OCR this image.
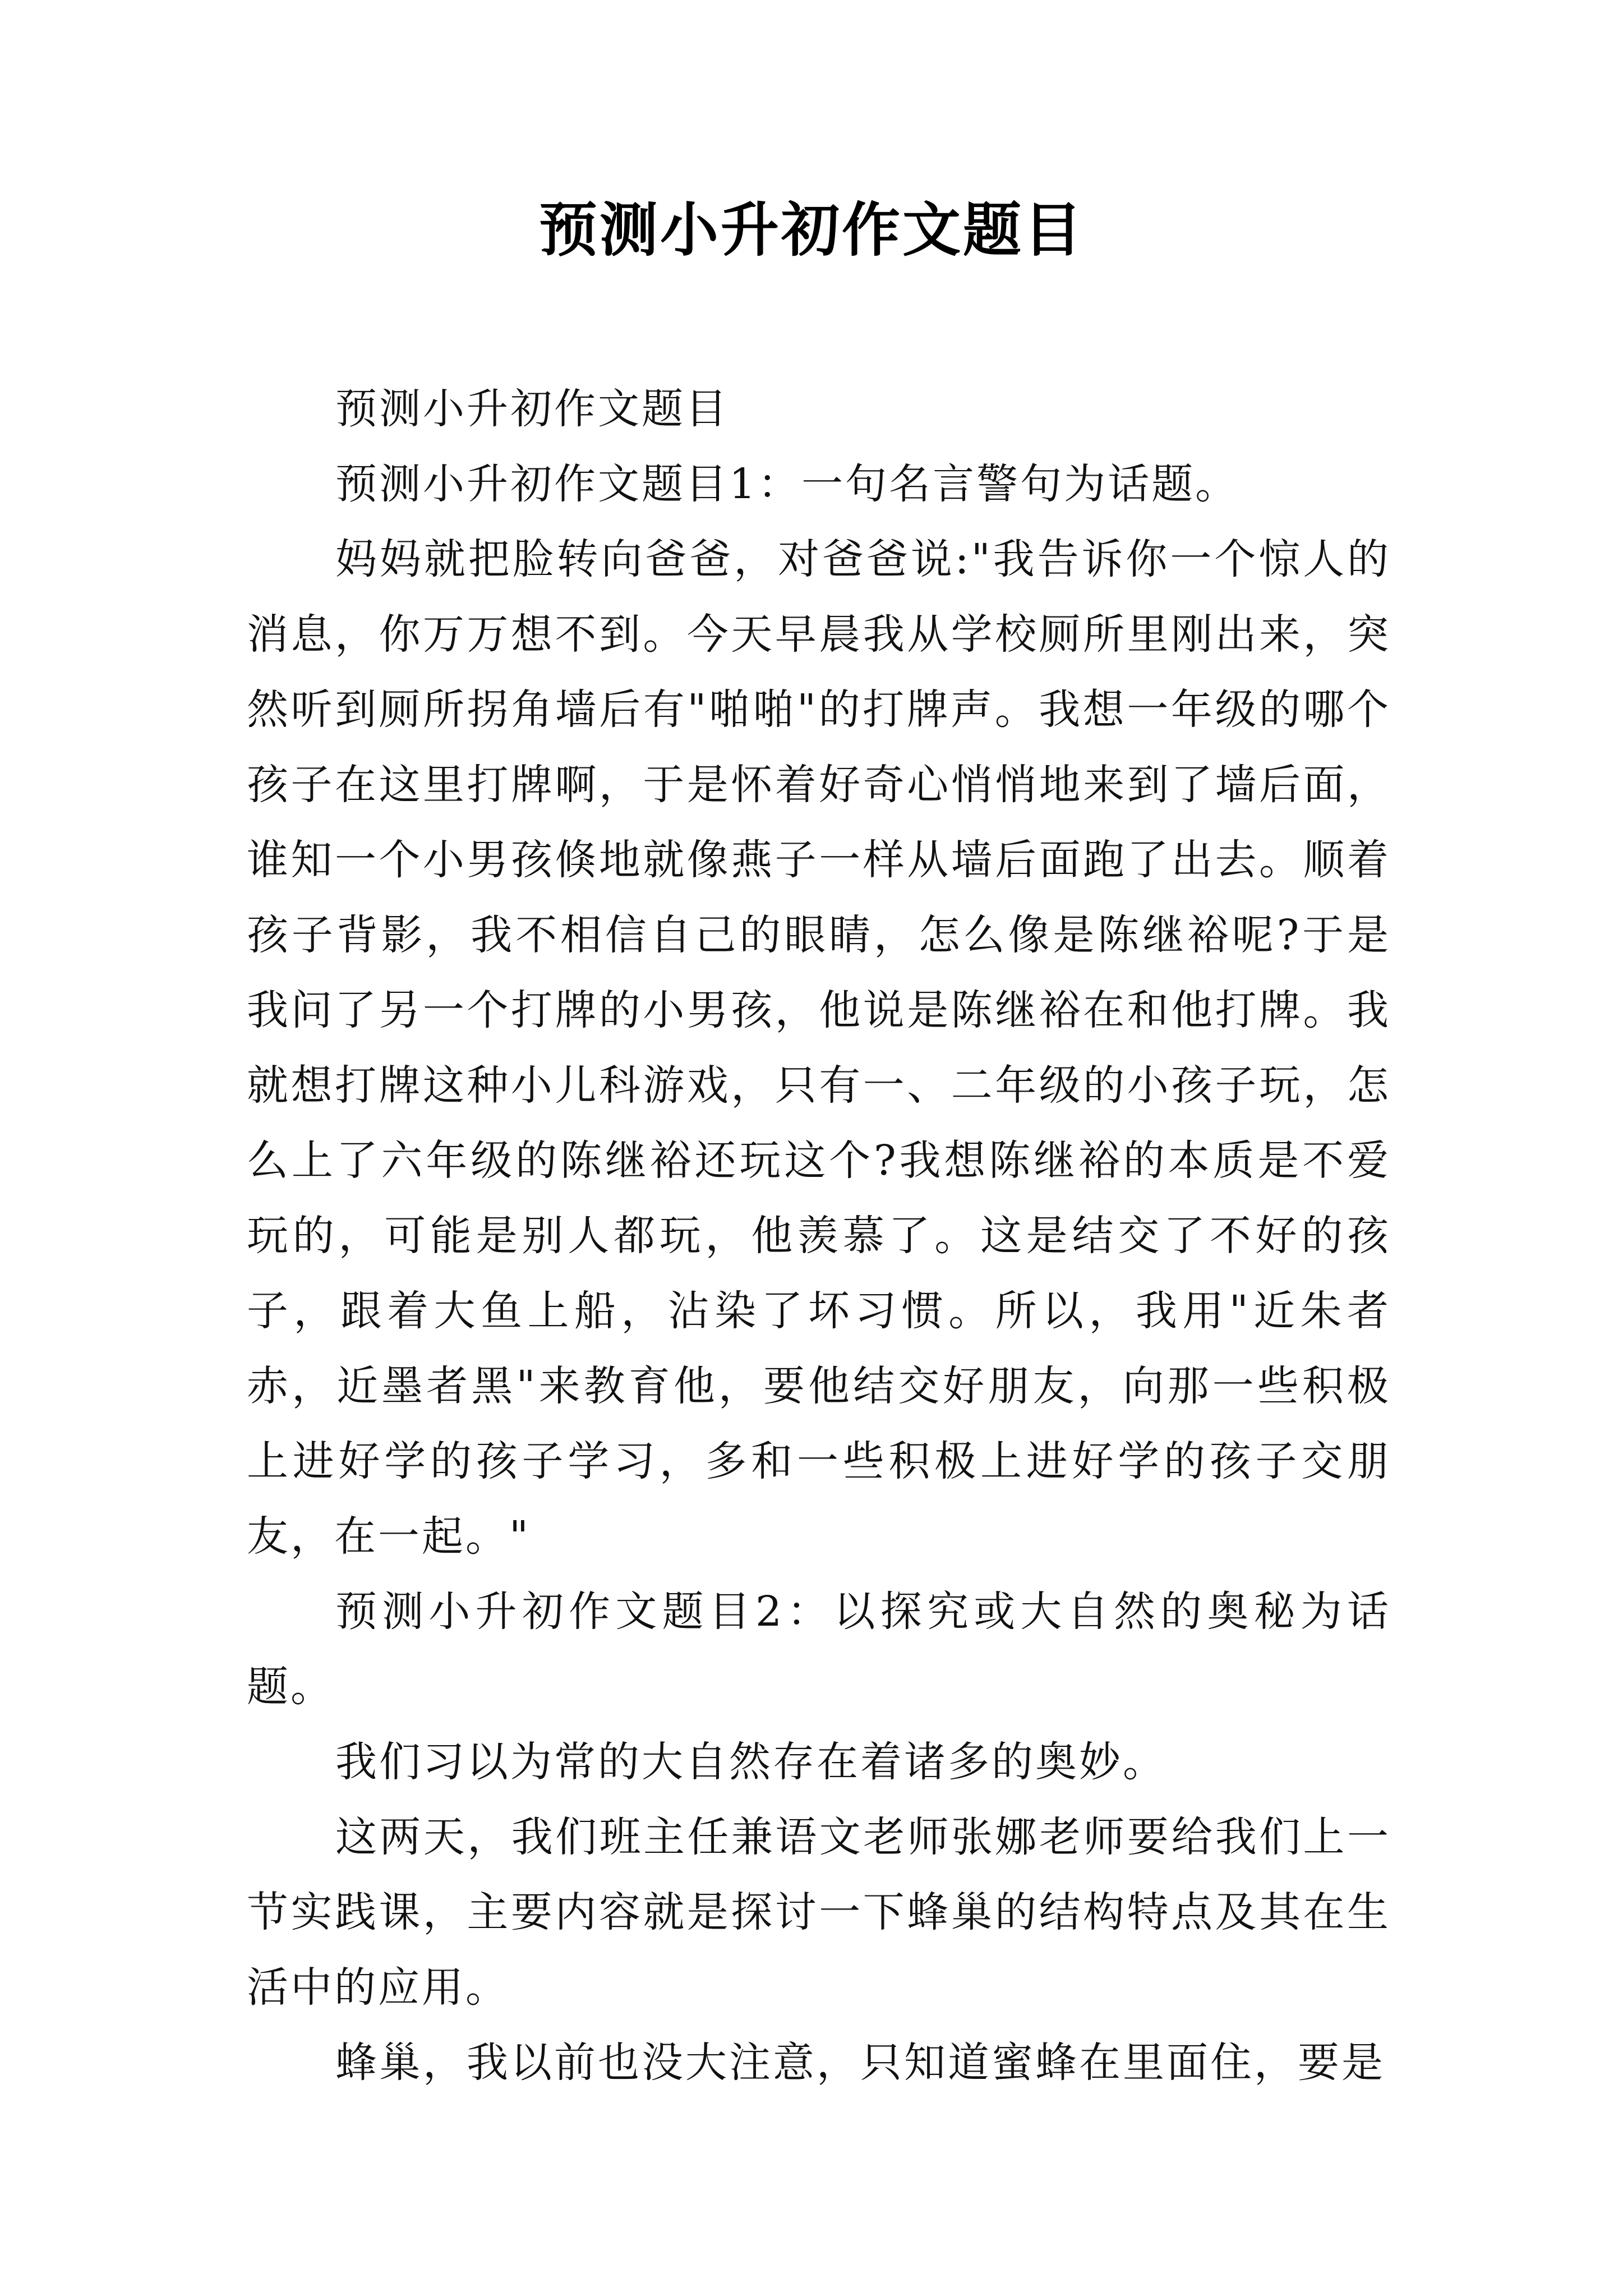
预测小升初作文题目

预测小升初作文题目

预测小升初作文题目1：一句名言警句为话题。

妈妈就把脸转向爸爸，对爸爸说:"我告诉你一个惊人的消息，你万万想不到。今天早晨我从学校厕所里刚出来，突然听到厕所拐角墙后有"啪啪"的打牌声。我想一年级的哪个孩子在这里打牌啊，于是怀着好奇心悄悄地来到了墙后面，谁知一个小男孩倏地就像燕子一样从墙后面跑了出去。顺着孩子背影，我不相信自己的眼睛，怎么像是陈继裕呢?于是我问了另一个打牌的小男孩，他说是陈继裕在和他打牌。我就想打牌这种小儿科游戏，只有一、二年级的小孩子玩，怎么上了六年级的陈继裕还玩这个?我想陈继裕的本质是不爱玩的，可能是别人都玩，他羡慕了。这是结交了不好的孩子，跟着大鱼上船，沾染了坏习惯。所以，我用"近朱者赤，近墨者黑"来教育他，要他结交好朋友，向那一些积极上进好学的孩子学习，多和一些积极上进好学的孩子交朋友，在一起。"

预测小升初作文题目2：以探究或大自然的奥秘为话题。

我们习以为常的大自然存在着诸多的奥妙。

这两天，我们班主任兼语文老师张娜老师要给我们上一节实践课，主要内容就是探讨一下蜂巢的结构特点及其在生活中的应用。

蜂巢，我以前也没大注意，只知道蜜蜂在里面住，要是
